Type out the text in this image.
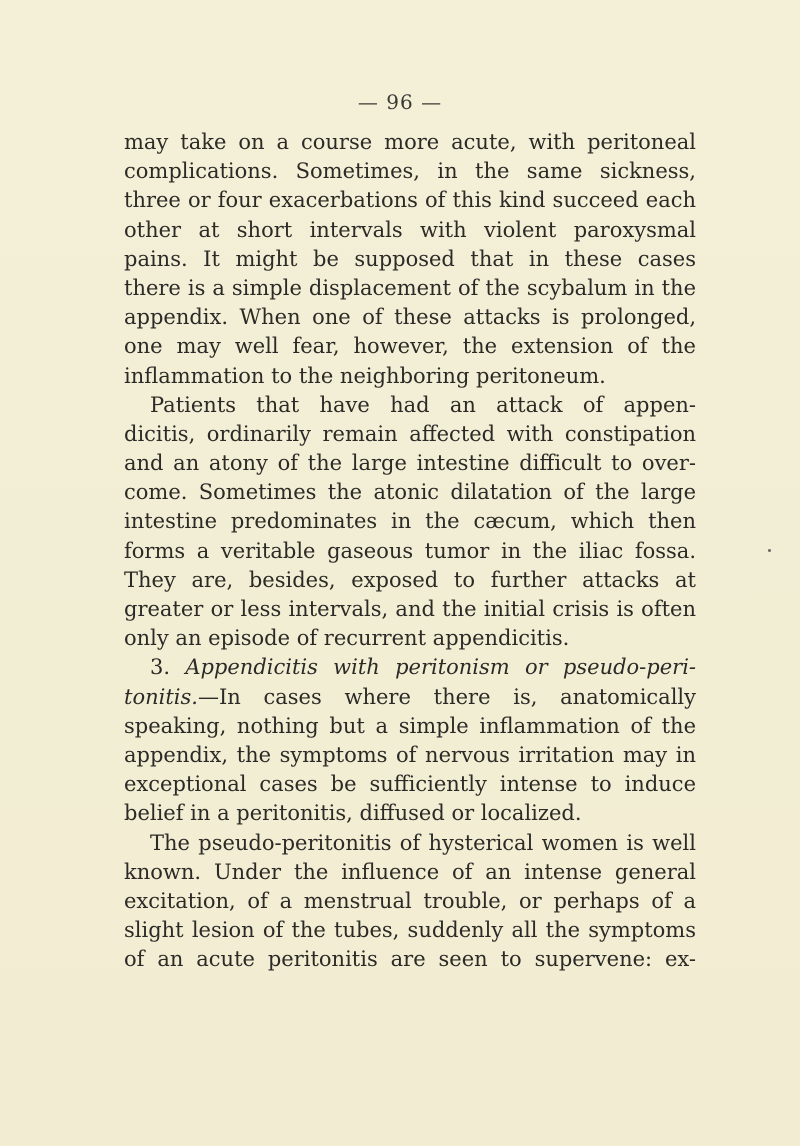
— 96 —
may take on a course more acute, with peritoneal
complications. Sometimes, in the same sickness,
three or four exacerbations of this kind succeed each
other at short intervals with violent paroxysmal
pains. It might be supposed that in these cases
there is a simple displacement of the scybalum in the
appendix. When one of these attacks is prolonged,
one may well fear, however, the extension of the
inflammation to the neighboring peritoneum.
Patients that have had an attack of appen-
dicitis, ordinarily remain affected with constipation
and an atony of the large intestine difficult to over-
come. Sometimes the atonic dilatation of the large
intestine predominates in the cæcum, which then
forms a veritable gaseous tumor in the iliac fossa.
They are, besides, exposed to further attacks at
greater or less intervals, and the initial crisis is often
only an episode of recurrent appendicitis.
3. Appendicitis with peritonism or pseudo-peri-
tonitis.—In cases where there is, anatomically
speaking, nothing but a simple inflammation of the
appendix, the symptoms of nervous irritation may in
exceptional cases be sufficiently intense to induce
belief in a peritonitis, diffused or localized.
The pseudo-peritonitis of hysterical women is well
known. Under the influence of an intense general
excitation, of a menstrual trouble, or perhaps of a
slight lesion of the tubes, suddenly all the symptoms
of an acute peritonitis are seen to supervene: ex-
